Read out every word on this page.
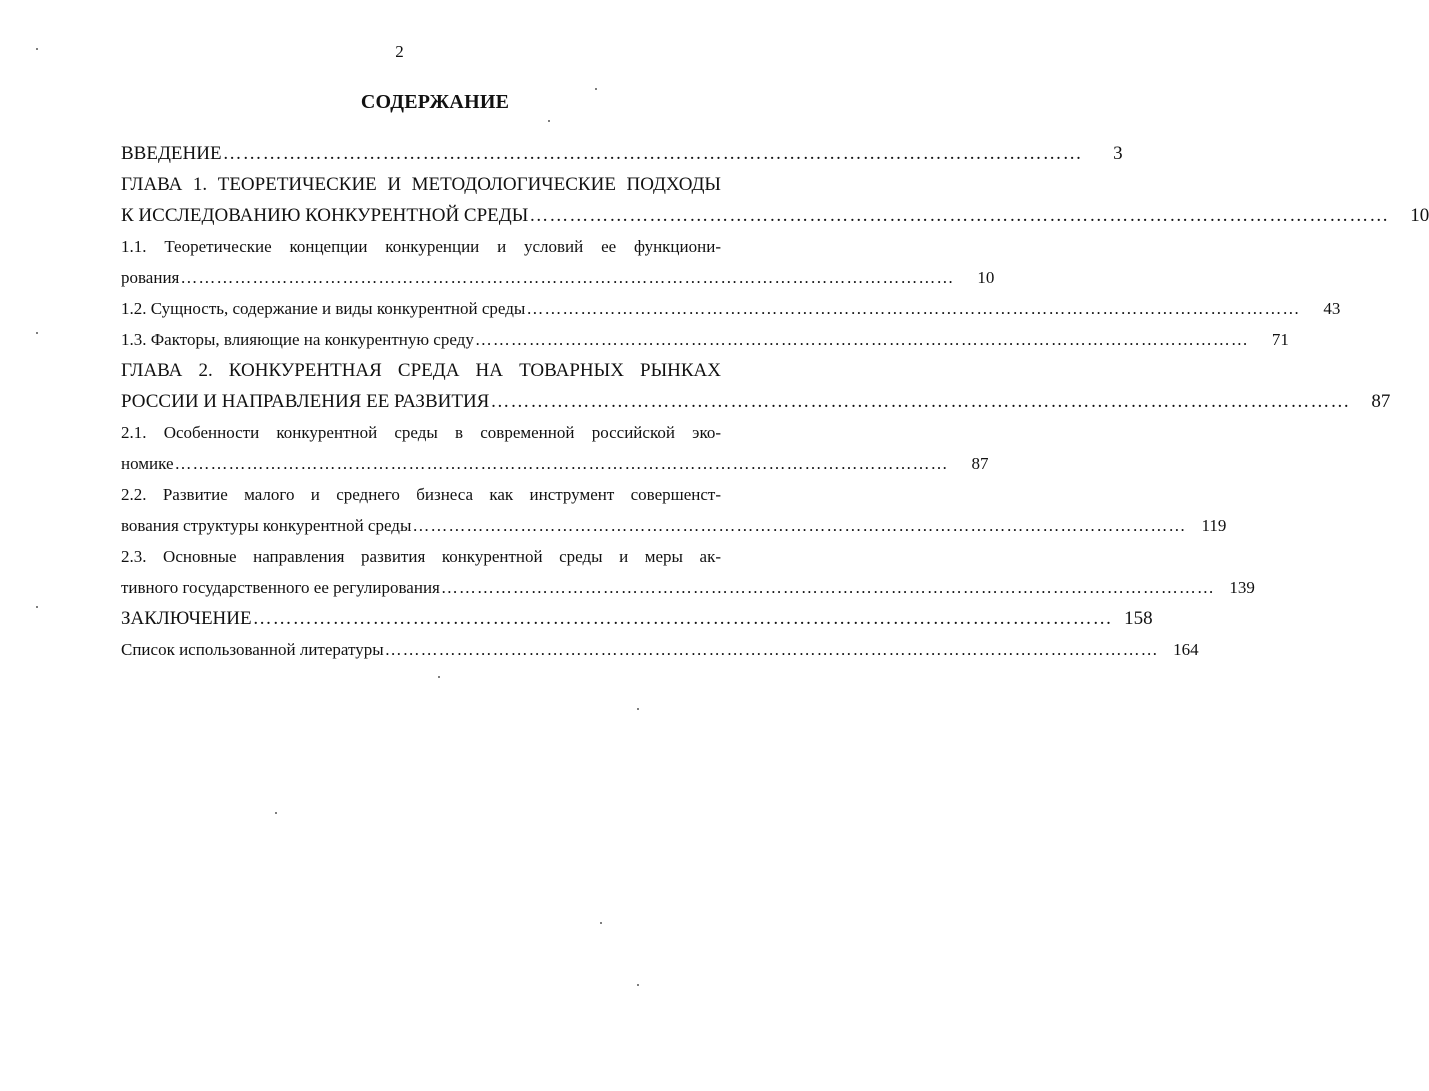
2
СОДЕРЖАНИЕ
ВВЕДЕНИЕ …………………………………………………………………………………………………………………	3
ГЛАВА 1. ТЕОРЕТИЧЕСКИЕ И МЕТОДОЛОГИЧЕСКИЕ ПОДХОДЫ
К ИССЛЕДОВАНИЮ КОНКУРЕНТНОЙ СРЕДЫ …………………………………………………………………………………………………………………	10
1.1. Теоретические концепции конкуренции и условий ее функциони-
рования …………………………………………………………………………………………………………………	10
1.2. Сущность, содержание и виды конкурентной среды …………………………………………………………………………………………………………………	43
1.3. Факторы, влияющие на конкурентную среду …………………………………………………………………………………………………………………	71
ГЛАВА 2. КОНКУРЕНТНАЯ СРЕДА НА ТОВАРНЫХ РЫНКАХ
РОССИИ И НАПРАВЛЕНИЯ ЕЕ РАЗВИТИЯ …………………………………………………………………………………………………………………	87
2.1. Особенности конкурентной среды в современной российской эко-
номике …………………………………………………………………………………………………………………	87
2.2. Развитие малого и среднего бизнеса как инструмент совершенст-
вования структуры конкурентной среды ………………………………………………………………………………………………………………… 119
2.3. Основные направления развития конкурентной среды и меры ак-
тивного государственного ее регулирования ………………………………………………………………………………………………………………… 139
ЗАКЛЮЧЕНИЕ ………………………………………………………………………………………………………………… 158
Список использованной литературы ………………………………………………………………………………………………………………… 164
